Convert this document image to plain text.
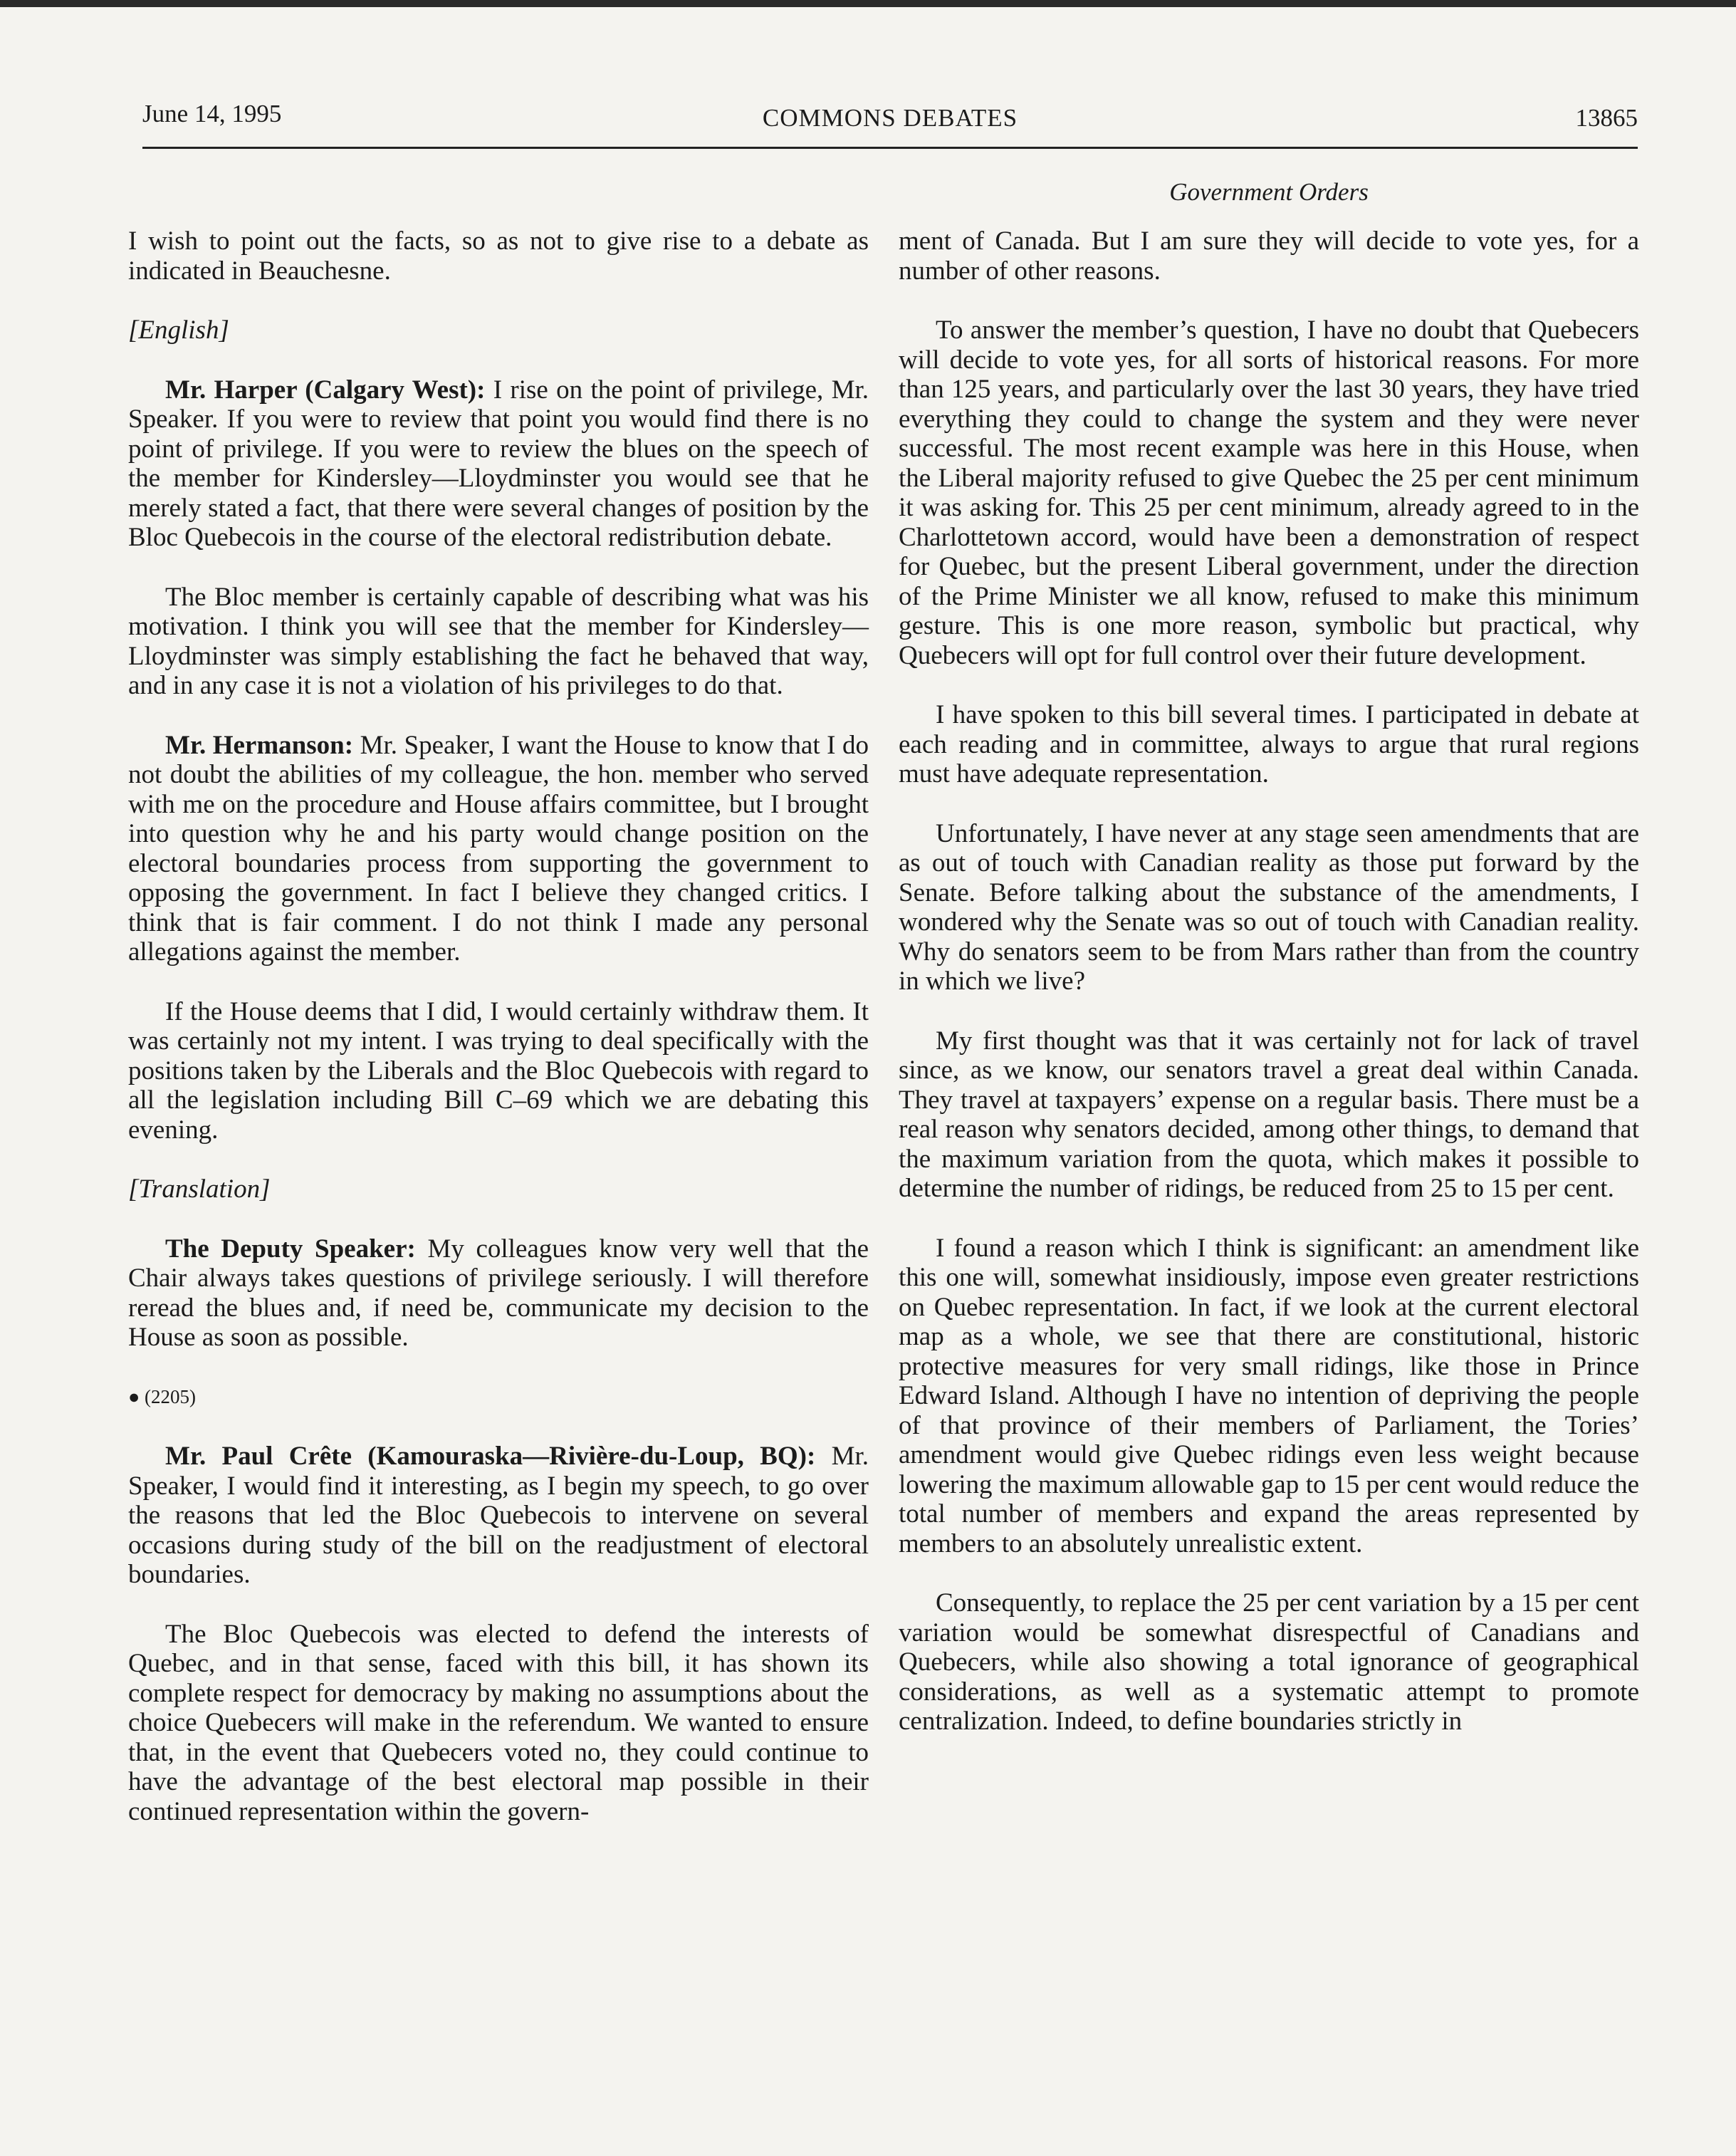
June 14, 1995	COMMONS DEBATES	13865
Government Orders

I wish to point out the facts, so as not to give rise to a debate as indicated in Beauchesne.

[English]

Mr. Harper (Calgary West): I rise on the point of privilege, Mr. Speaker. If you were to review that point you would find there is no point of privilege. If you were to review the blues on the speech of the member for Kindersley—Lloydminster you would see that he merely stated a fact, that there were several changes of position by the Bloc Quebecois in the course of the electoral redistribution debate.

The Bloc member is certainly capable of describing what was his motivation. I think you will see that the member for Kindersley—Lloydminster was simply establishing the fact he behaved that way, and in any case it is not a violation of his privileges to do that.

Mr. Hermanson: Mr. Speaker, I want the House to know that I do not doubt the abilities of my colleague, the hon. member who served with me on the procedure and House affairs committee, but I brought into question why he and his party would change position on the electoral boundaries process from supporting the government to opposing the government. In fact I believe they changed critics. I think that is fair comment. I do not think I made any personal allegations against the member.

If the House deems that I did, I would certainly withdraw them. It was certainly not my intent. I was trying to deal specifically with the positions taken by the Liberals and the Bloc Quebecois with regard to all the legislation including Bill C–69 which we are debating this evening.

[Translation]

The Deputy Speaker: My colleagues know very well that the Chair always takes questions of privilege seriously. I will therefore reread the blues and, if need be, communicate my decision to the House as soon as possible.

● (2205)

Mr. Paul Crête (Kamouraska—Rivière-du-Loup, BQ): Mr. Speaker, I would find it interesting, as I begin my speech, to go over the reasons that led the Bloc Quebecois to intervene on several occasions during study of the bill on the readjustment of electoral boundaries.

The Bloc Quebecois was elected to defend the interests of Quebec, and in that sense, faced with this bill, it has shown its complete respect for democracy by making no assumptions about the choice Quebecers will make in the referendum. We wanted to ensure that, in the event that Quebecers voted no, they could continue to have the advantage of the best electoral map possible in their continued representation within the govern-

ment of Canada. But I am sure they will decide to vote yes, for a number of other reasons.

To answer the member’s question, I have no doubt that Quebecers will decide to vote yes, for all sorts of historical reasons. For more than 125 years, and particularly over the last 30 years, they have tried everything they could to change the system and they were never successful. The most recent example was here in this House, when the Liberal majority refused to give Quebec the 25 per cent minimum it was asking for. This 25 per cent minimum, already agreed to in the Charlottetown accord, would have been a demonstration of respect for Quebec, but the present Liberal government, under the direction of the Prime Minister we all know, refused to make this minimum gesture. This is one more reason, symbolic but practical, why Quebecers will opt for full control over their future development.

I have spoken to this bill several times. I participated in debate at each reading and in committee, always to argue that rural regions must have adequate representation.

Unfortunately, I have never at any stage seen amendments that are as out of touch with Canadian reality as those put forward by the Senate. Before talking about the substance of the amendments, I wondered why the Senate was so out of touch with Canadian reality. Why do senators seem to be from Mars rather than from the country in which we live?

My first thought was that it was certainly not for lack of travel since, as we know, our senators travel a great deal within Canada. They travel at taxpayers’ expense on a regular basis. There must be a real reason why senators decided, among other things, to demand that the maximum variation from the quota, which makes it possible to determine the number of ridings, be reduced from 25 to 15 per cent.

I found a reason which I think is significant: an amendment like this one will, somewhat insidiously, impose even greater restrictions on Quebec representation. In fact, if we look at the current electoral map as a whole, we see that there are constitutional, historic protective measures for very small ridings, like those in Prince Edward Island. Although I have no intention of depriving the people of that province of their members of Parliament, the Tories’ amendment would give Quebec ridings even less weight because lowering the maximum allowable gap to 15 per cent would reduce the total number of members and expand the areas represented by members to an absolutely unrealistic extent.

Consequently, to replace the 25 per cent variation by a 15 per cent variation would be somewhat disrespectful of Canadians and Quebecers, while also showing a total ignorance of geographical considerations, as well as a systematic attempt to promote centralization. Indeed, to define boundaries strictly in
